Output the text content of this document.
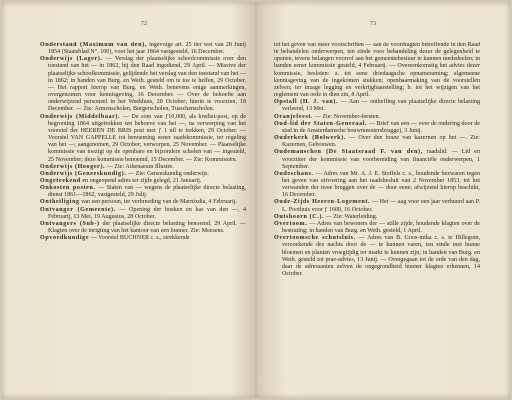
72	73

Onderstand (Maximum van den), ingevolge art. 25 der wet van 28 Junij 1854 (Staatsblad N°. 100), voor het jaar 1864 vastgesteld, 16 December.

Onderwijs (Lager). — Verslag der plaatselijke schoolcommissie over den toestand van het — in 1862, bij den Raad ingediend, 29 April. — Missive der plaatselijke schoolkommissie, gelijdende het verslag van den toestand van het — in 1862; in handen van Burg. en Weth. gesteld om te toe te helfen, 29 October. — Het rapport hierop van Burg. en Weth. benevens enige aanmerkingen, overgenomen voor kennisgeving, 16 December. — Over de behoefte aan onderwijzend personeel in het Weekhuis, 28 October; hierin is voorzien, 18 December. — Zie: Armenscholen, Burgerscholen, Tusschenscholen.

Onderwijs (Middelbaar). — De som van ƒ10,000, als krediet-post, op de begrooting 1864 uitgetrokken ten behoeve van het —, na verwerping van het voorstel der HEEREN DE BRIS post met ƒ 1 nil te trekken, 29 October. — Voorstel VAN GAPPELLE tot benoeming eener raadskommissie, ter regeling van het —; aangenomen, 29 October; verworpen, 25 November. — Plaatselijke kommissie van toezigt op de openbare en bijzondere scholen van — ingesteld, 25 November; deze kommissie benoemd, 15 December. — Zie: Kommissiën.

Onderwijs (Hooger). — Zie: Athenaeum Illustre.

Onderwijs (Geneeskundig). — Zie: Geneeskundig onderwijs.

Ongeteekend en ongeopend adres ter zijde gelegd, 21 Januarij.

Onkosten posten. — Staten van — wegens de plaatselijke directe belasting, dienst 1861—1862, vastgesteld, 29 Julij.

Ontheiliging van een persoon, ter verbreeding van de Marnixdia, 4 Februarij.

Ontvanger (Gemeente). — Opening der boeken en kas van den —, 4 Februarij, 13 Mei, 19 Augustus, 28 October.

Ontvangers (Sub-) der plaatselijke directe belasting benoemd, 29 April. — Klagten over de inrigting van het kantoor van een hunner. Zie: Meesens.

Opvoedkundige — Voorstel BUCHNER c. s., strekkende

tot het geven van meer voorschriften — aan de voordragten betreffende in den Raad te behandelen onderwerpen, ten einde voor behandeling dezer de gelegenheid te openen, tevens belangen voorrof aan het gemeentebestuur te kunnen mededeelen; in handen eener kommissie gesteld, 4 Februarij. — Overeenkomstig het advies dezer kommissie, besloten: a. tot eene driedaagsche opnameraming; algemeene kennisgeving van de ingekomen stukken; openbaarmaking van de voorstellen zelven; ter inzage legging en verkrijgbaarstelling; b. tot het wijzigen van het reglement van orde in dien zin, 8 April.

Opstall (H. J. van). — Aan — ontheffing van plaatselijke directe belasting verleend, 13 Mei.

Oranjefeest. — Zie: November-feesten.

Oud-lid der Staten-Generaal. — Brief van een — over de oudering door de stad in de Amsterdamsche bouwmeestersbrugge), 3 Junij.

Ouderkerk (Bolwerk). — Over den bouw van kazernen op het —. Zie: Kazernen, Gebouwen.

Oudemanschen (De Staatsraad F. van den), raadslid. — Lid en voorzitter der kommissie van voorbereiding van financiële onderwerpen, 1 September.

Oudeschans. — Adres van Mr. A. J. E. Stoffels c. s., houdende bezwaren tegen het geven van uitvoering aan het raadsbesluit van 2 November 1853, tot het verwanden der twee bruggen over de — door eene; afwijzend hierop beschikt, 16 December.

Oude-Zijds Heeren-Logement. — Het — aag voor een jaar verhuurd aan P. L. Poothuis voor ƒ 1600, 16 October.

Outshoorn (C.). — Zie: Waterleiding.

Overtoom. — Adres van bewoners der — stille zijde, houdende klagten over de bestrating; in handen van Burg. en Weth. gesteld, 1 April.

Overtoomsche schutsluis. — Adres van B. Goos-mika c. s. te Hillegom, verzoekende des nachts door de — te kunnen varen, ten einde met hunne bloemen en planten vroegtijdig ter markt te kunnen zijn; in handen van Burg. en Weth. gesteld tot prae-advies, 13 Junij. — Overgegaan tot de orde van den dag, daar de adressanten zelven de ongegrondheid hunner klagten erkennen, 14 October.
